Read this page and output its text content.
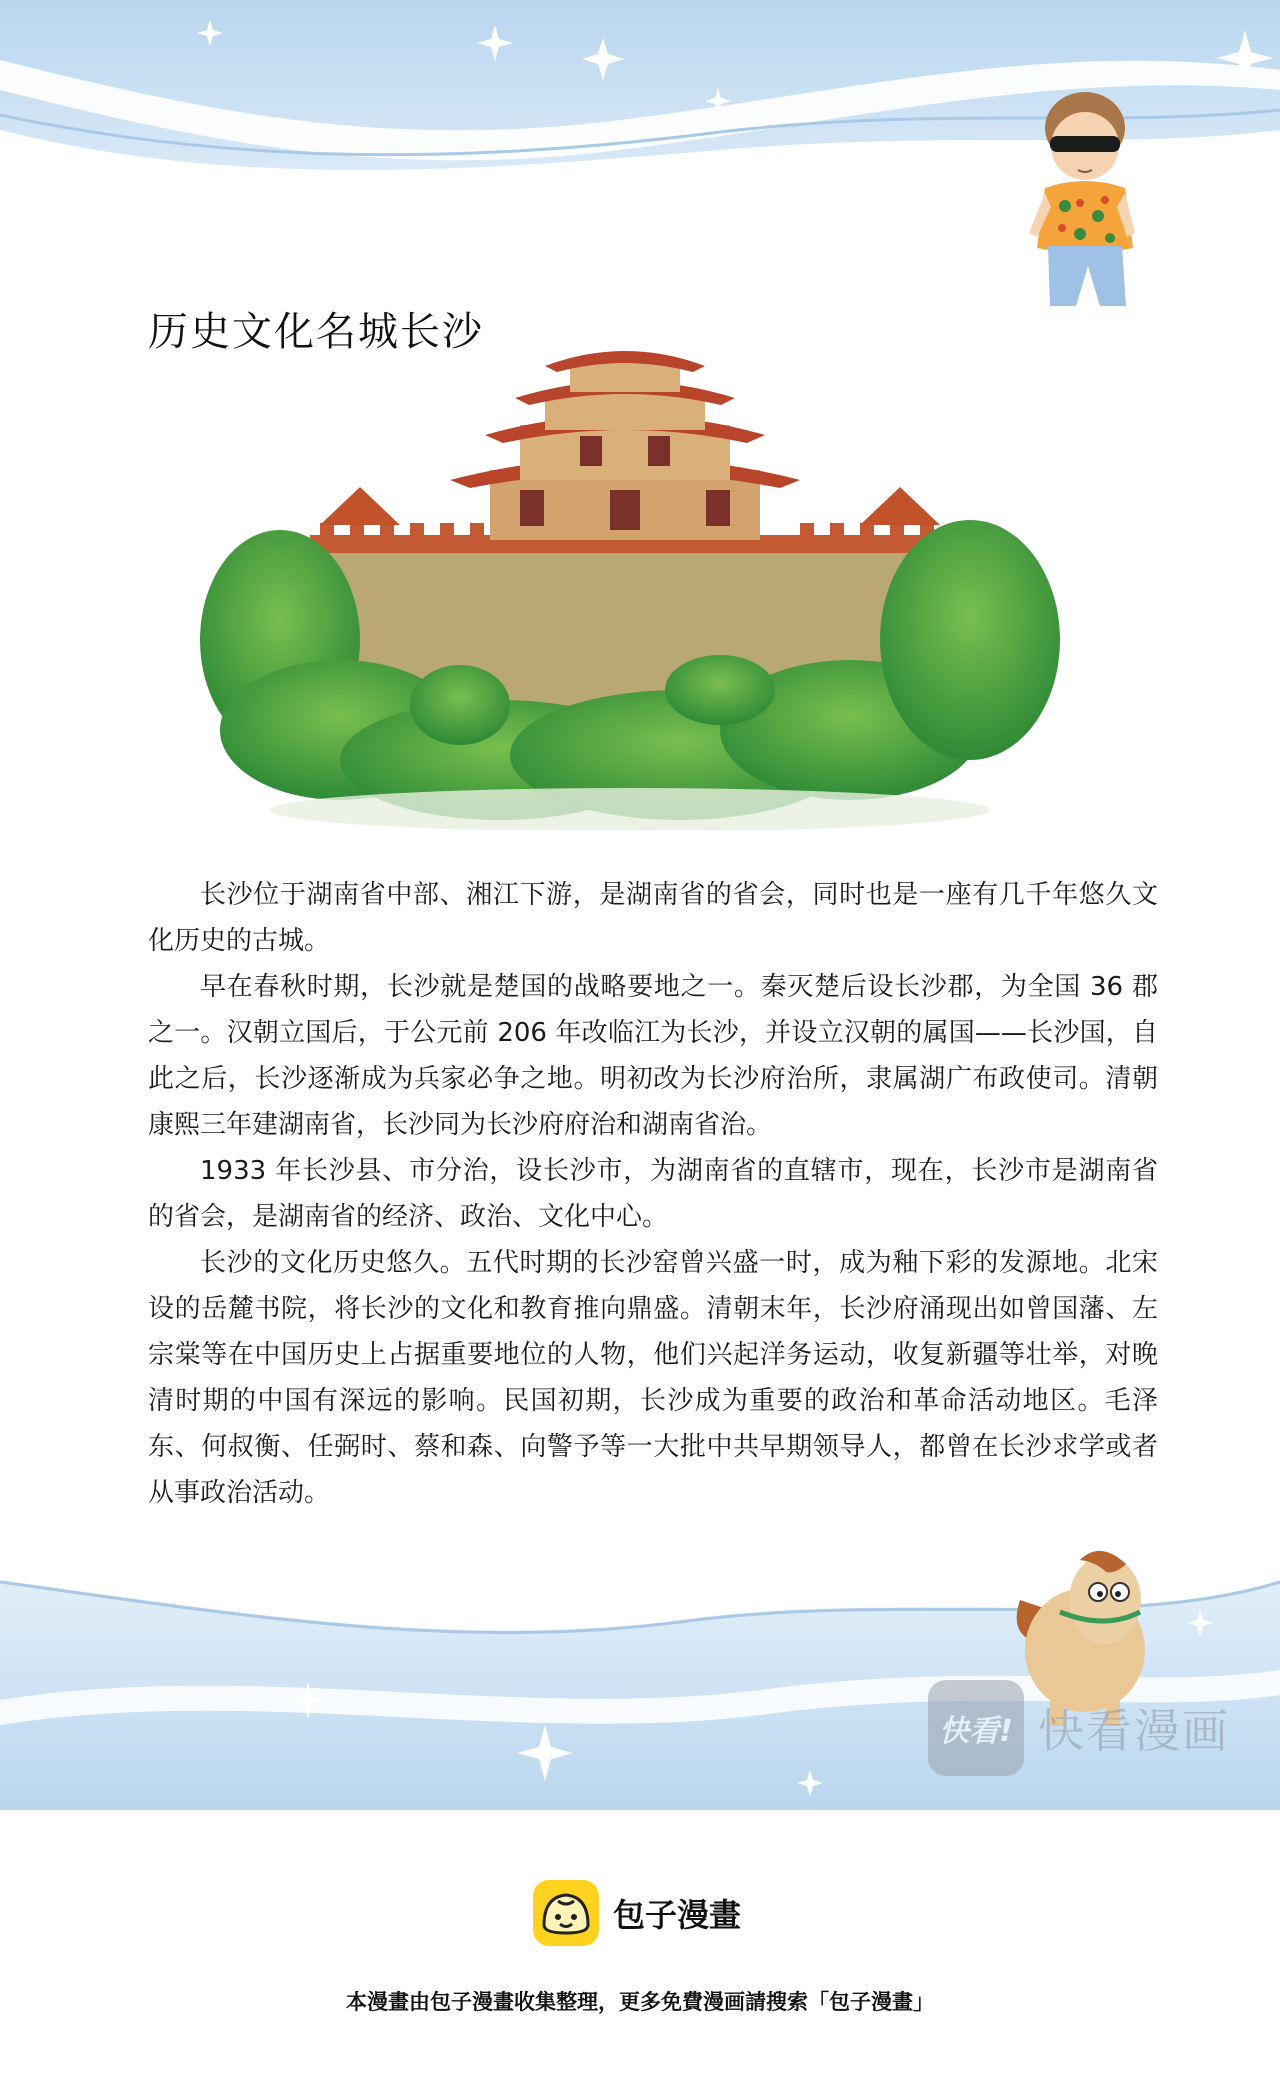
历史文化名城长沙

长沙位于湖南省中部、湘江下游，是湖南省的省会，同时也是一座有几千年悠久文化历史的古城。

早在春秋时期，长沙就是楚国的战略要地之一。秦灭楚后设长沙郡，为全国 36 郡之一。汉朝立国后，于公元前 206 年改临江为长沙，并设立汉朝的属国——长沙国，自此之后，长沙逐渐成为兵家必争之地。明初改为长沙府治所，隶属湖广布政使司。清朝康熙三年建湖南省，长沙同为长沙府府治和湖南省治。

1933 年长沙县、市分治，设长沙市，为湖南省的直辖市，现在，长沙市是湖南省的省会，是湖南省的经济、政治、文化中心。

长沙的文化历史悠久。五代时期的长沙窑曾兴盛一时，成为釉下彩的发源地。北宋设的岳麓书院，将长沙的文化和教育推向鼎盛。清朝末年，长沙府涌现出如曾国藩、左宗棠等在中国历史上占据重要地位的人物，他们兴起洋务运动，收复新疆等壮举，对晚清时期的中国有深远的影响。民国初期，长沙成为重要的政治和革命活动地区。毛泽东、何叔衡、任弼时、蔡和森、向警予等一大批中共早期领导人，都曾在长沙求学或者从事政治活动。

快看! 快看漫画
包子漫畫
本漫畫由包子漫畫收集整理，更多免費漫画請搜索「包子漫畫」
